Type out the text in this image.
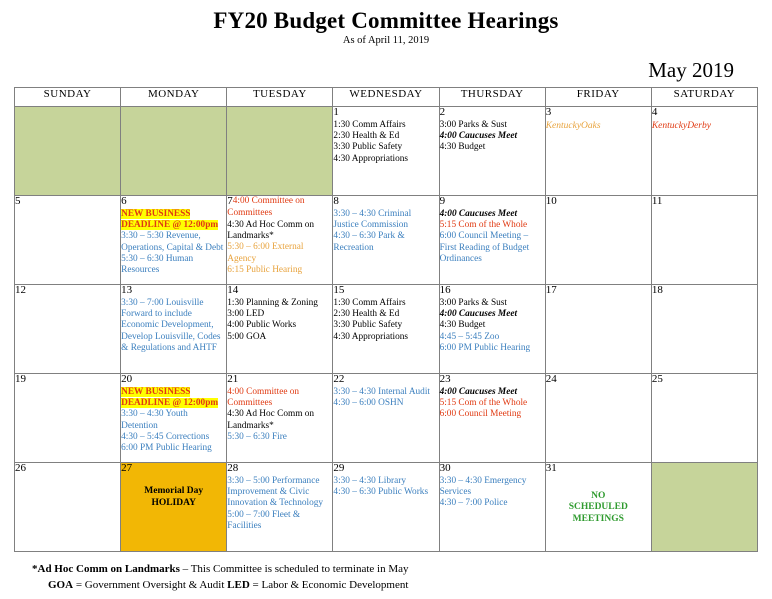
FY20 Budget Committee Hearings
As of April 11, 2019
May 2019
SUNDAY	MONDAY	TUESDAY	WEDNESDAY	THURSDAY	FRIDAY	SATURDAY
			1
1:30 Comm Affairs
2:30 Health & Ed
3:30 Public Safety
4:30 Appropriations	2
3:00 Parks & Sust
4:00 Caucuses Meet
4:30 Budget	3
KentuckyOaks	4
KentuckyDerby

5	6
NEW BUSINESS DEADLINE @ 12:00pm
3:30 – 5:30 Revenue, Operations, Capital & Debt
5:30 – 6:30 Human Resources	74:00 Committee on Committees
4:30 Ad Hoc Comm on Landmarks*
5:30 – 6:00 External Agency
6:15 Public Hearing	8
3:30 – 4:30 Criminal Justice Commission
4:30 – 6:30 Park & Recreation	9
4:00 Caucuses Meet
5:15 Com of the Whole
6:00 Council Meeting – First Reading of Budget Ordinances	10	11
12	13
3:30 – 7:00 Louisville Forward to include Economic Development, Develop Louisville, Codes & Regulations and AHTF
	14
1:30 Planning & Zoning
3:00 LED
4:00 Public Works
5:00 GOA
	15
1:30 Comm Affairs
2:30 Health & Ed
3:30 Public Safety
4:30 Appropriations
	16
3:00 Parks & Sust
4:00 Caucuses Meet
4:30 Budget
4:45 – 5:45 Zoo
6:00 PM Public Hearing
	17	18
19	20
NEW BUSINESS DEADLINE @ 12:00pm
3:30 – 4:30 Youth Detention
4:30 – 5:45 Corrections
6:00 PM Public Hearing	21
4:00 Committee on Committees
4:30 Ad Hoc Comm on Landmarks*
5:30 – 6:30 Fire	22
3:30 – 4:30 Internal Audit
4:30 – 6:00 OSHN	23
4:00 Caucuses Meet
5:15 Com of the Whole
6:00 Council Meeting	24	25
26	27
Memorial Day
HOLIDAY
	28
3:30 – 5:00 Performance Improvement & Civic Innovation & Technology
5:00 – 7:00 Fleet & Facilities
	29
3:30 – 4:30 Library
4:30 – 6:30 Public Works
	30
3:30 – 4:30 Emergency Services
4:30 – 7:00 Police
	31
NO
SCHEDULED
MEETINGS

*Ad Hoc Comm on Landmarks – This Committee is scheduled to terminate in May
GOA = Government Oversight & Audit LED = Labor & Economic Development
